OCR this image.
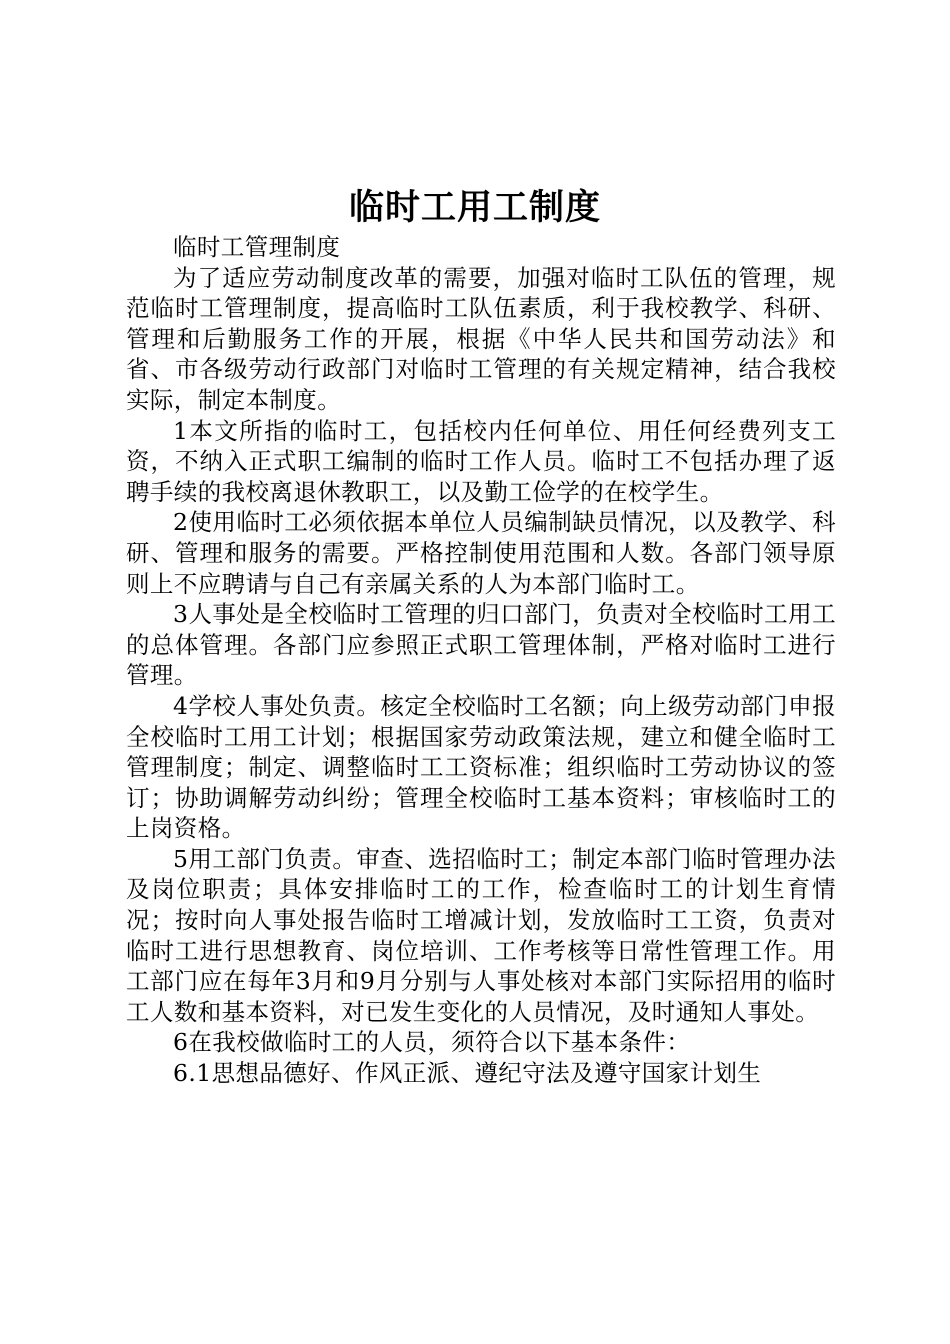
临时工用工制度

临时工管理制度

为了适应劳动制度改革的需要，加强对临时工队伍的管理，规范临时工管理制度，提高临时工队伍素质，利于我校教学、科研、管理和后勤服务工作的开展，根据《中华人民共和国劳动法》和省、市各级劳动行政部门对临时工管理的有关规定精神，结合我校实际，制定本制度。

1本文所指的临时工，包括校内任何单位、用任何经费列支工资，不纳入正式职工编制的临时工作人员。临时工不包括办理了返聘手续的我校离退休教职工，以及勤工俭学的在校学生。

2使用临时工必须依据本单位人员编制缺员情况，以及教学、科研、管理和服务的需要。严格控制使用范围和人数。各部门领导原则上不应聘请与自己有亲属关系的人为本部门临时工。

3人事处是全校临时工管理的归口部门，负责对全校临时工用工的总体管理。各部门应参照正式职工管理体制，严格对临时工进行管理。

4学校人事处负责。核定全校临时工名额；向上级劳动部门申报全校临时工用工计划；根据国家劳动政策法规，建立和健全临时工管理制度；制定、调整临时工工资标准；组织临时工劳动协议的签订；协助调解劳动纠纷；管理全校临时工基本资料；审核临时工的上岗资格。

5用工部门负责。审查、选招临时工；制定本部门临时管理办法及岗位职责；具体安排临时工的工作，检查临时工的计划生育情况；按时向人事处报告临时工增减计划，发放临时工工资，负责对临时工进行思想教育、岗位培训、工作考核等日常性管理工作。用工部门应在每年3月和9月分别与人事处核对本部门实际招用的临时工人数和基本资料，对已发生变化的人员情况，及时通知人事处。

6在我校做临时工的人员，须符合以下基本条件：

6.1思想品德好、作风正派、遵纪守法及遵守国家计划生
